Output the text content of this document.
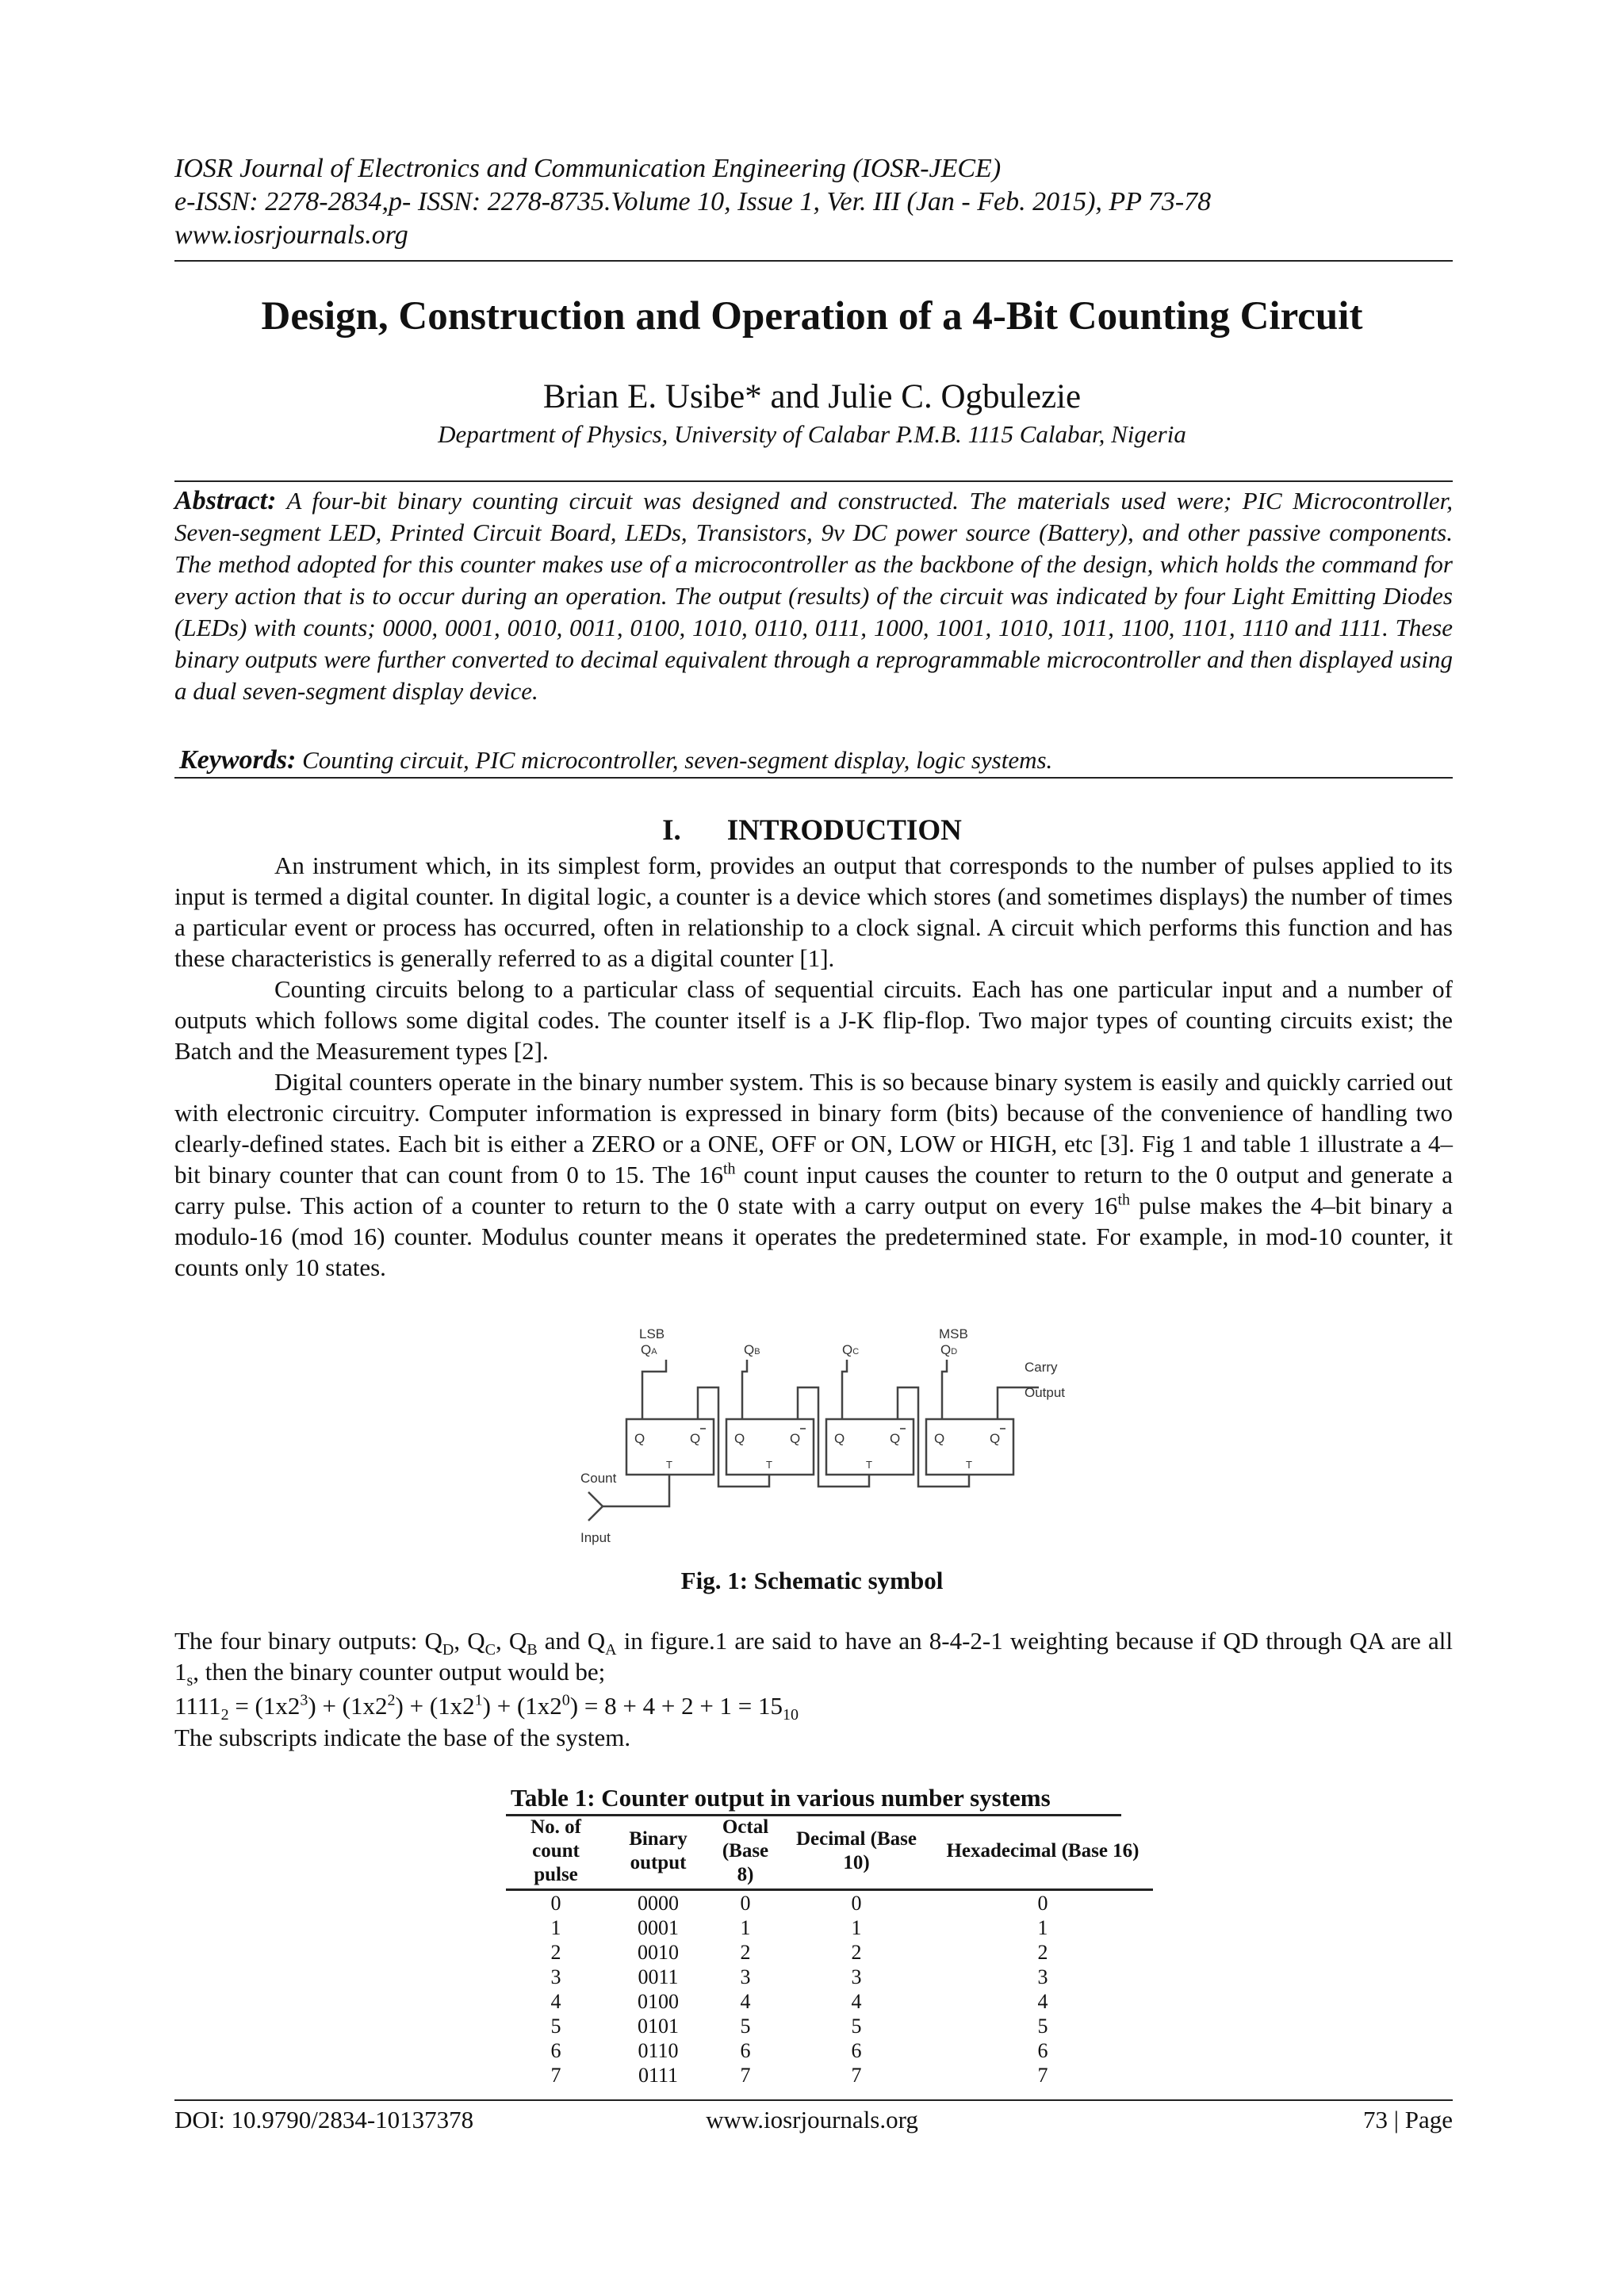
IOSR Journal of Electronics and Communication Engineering (IOSR-JECE)
e-ISSN: 2278-2834,p- ISSN: 2278-8735.Volume 10, Issue 1, Ver. III (Jan - Feb. 2015), PP 73-78
www.iosrjournals.org
Design, Construction and Operation of a 4-Bit Counting Circuit
Brian E. Usibe* and Julie C. Ogbulezie
Department of Physics, University of Calabar P.M.B. 1115 Calabar, Nigeria
Abstract: A four-bit binary counting circuit was designed and constructed. The materials used were; PIC Microcontroller, Seven-segment LED, Printed Circuit Board, LEDs, Transistors, 9v DC power source (Battery), and other passive components. The method adopted for this counter makes use of a microcontroller as the backbone of the design, which holds the command for every action that is to occur during an operation. The output (results) of the circuit was indicated by four Light Emitting Diodes (LEDs) with counts; 0000, 0001, 0010, 0011, 0100, 1010, 0110, 0111, 1000, 1001, 1010, 1011, 1100, 1101, 1110 and 1111. These binary outputs were further converted to decimal equivalent through a reprogrammable microcontroller and then displayed using a dual seven-segment display device.
Keywords: Counting circuit, PIC microcontroller, seven-segment display, logic systems.
I. INTRODUCTION

An instrument which, in its simplest form, provides an output that corresponds to the number of pulses applied to its input is termed a digital counter. In digital logic, a counter is a device which stores (and sometimes displays) the number of times a particular event or process has occurred, often in relationship to a clock signal. A circuit which performs this function and has these characteristics is generally referred to as a digital counter [1].

Counting circuits belong to a particular class of sequential circuits. Each has one particular input and a number of outputs which follows some digital codes. The counter itself is a J-K flip-flop. Two major types of counting circuits exist; the Batch and the Measurement types [2].

Digital counters operate in the binary number system. This is so because binary system is easily and quickly carried out with electronic circuitry. Computer information is expressed in binary form (bits) because of the convenience of handling two clearly-defined states. Each bit is either a ZERO or a ONE, OFF or ON, LOW or HIGH, etc [3]. Fig 1 and table 1 illustrate a 4–bit binary counter that can count from 0 to 15. The 16th count input causes the counter to return to the 0 output and generate a carry pulse. This action of a counter to return to the 0 state with a carry output on every 16th pulse makes the 4–bit binary a modulo-16 (mod 16) counter. Modulus counter means it operates the predetermined state. For example, in mod-10 counter, it counts only 10 states.

LSB
QA	QB	QC
MSB
QD
Carry
Output
Count
Input
Q	Q
T
Q	Q
T
Q	Q
T
Q	Q
T
Fig. 1: Schematic symbol
The four binary outputs: $Q_D$, $Q_C$, $Q_B$ and $Q_A$ in figure.1 are said to have an 8-4-2-1 weighting because if QD through QA are all $1_s$, then the binary counter output would be;
$1111_2 = (1x2^3) + (1x2^2) + (1x2^1) + (1x2^0) = 8 + 4 + 2 + 1 = 15_{10}$
The subscripts indicate the base of the system.
Table 1: Counter output in various number systems
No. of count pulse	Binary output	Octal (Base 8)	Decimal (Base 10)	Hexadecimal (Base 16)
0	0000	0	0	0
1	0001	1	1	1
2	0010	2	2	2
3	0011	3	3	3
4	0100	4	4	4
5	0101	5	5	5
6	0110	6	6	6
7	0111	7	7	7
DOI: 10.9790/2834-10137378	www.iosrjournals.org	73 | Page
